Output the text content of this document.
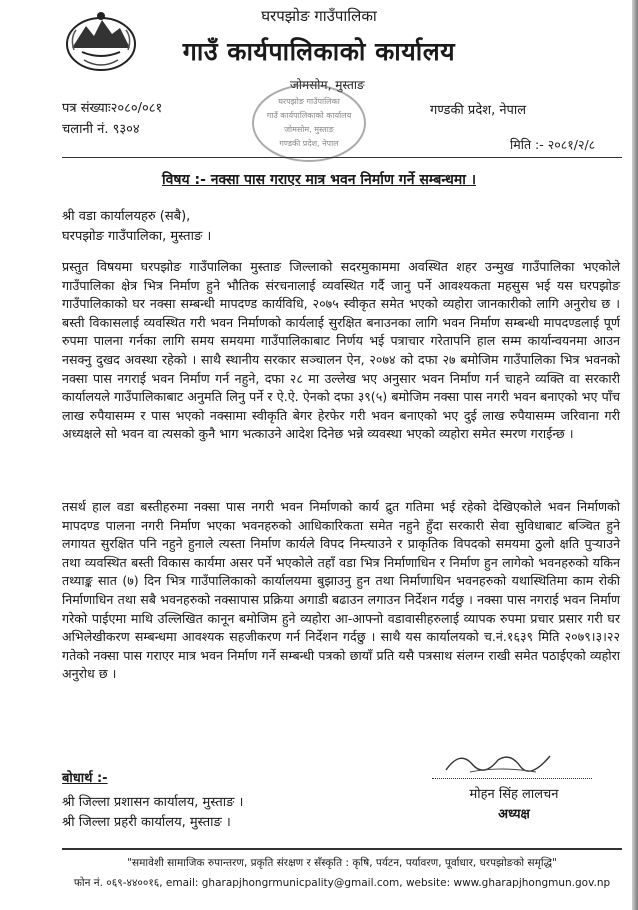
घरपझोङ गाउँपालिका
गाउँ कार्यपालिकाको कार्यालय
जोमसोम, मुस्ताङ
गण्डकी प्रदेश, नेपाल
पत्र संख्याः२०८०/०८१
चलानी नं. ९३०४
घरपझोङ गाउँपालिका
गाउँ कार्यपालिकाको कार्यालय
जोमसोम, मुस्ताङ
गण्डकी प्रदेश, नेपाल	मिति :- २०८१/२/८
विषय :- नक्सा पास गराएर मात्र भवन निर्माण गर्ने सम्बन्धमा ।
श्री वडा कार्यालयहरु (सबै),
घरपझोङ गाउँपालिका, मुस्ताङ ।
प्रस्तुत विषयमा घरपझोङ गाउँपालिका मुस्ताङ जिल्लाको सदरमुकाममा अवस्थित शहर उन्मुख गाउँपालिका भएकोले गाउँपालिका क्षेत्र भित्र निर्माण हुने भौतिक संरचनालाई व्यवस्थित गर्दै जानु पर्ने आवश्यकता महसुस भई यस घरपझोङ गाउँपालिकाको घर नक्सा सम्बन्धी मापदण्ड कार्यविधि, २०७५ स्वीकृत समेत भएको व्यहोरा जानकारीको लागि अनुरोध छ । बस्ती विकासलाई व्यवस्थित गरी भवन निर्माणको कार्यलाई सुरक्षित बनाउनका लागि भवन निर्माण सम्बन्धी मापदण्डलाई पूर्ण रुपमा पालना गर्नका लागि समय समयमा गाउँपालिकाबाट निर्णय भई पत्राचार गरेतापनि हाल सम्म कार्यान्वयनमा आउन नसक्नु दुखद अवस्था रहेको । साथै स्थानीय सरकार सञ्चालन ऐन, २०७४ को दफा २७ बमोजिम गाउँपालिका भित्र भवनको नक्सा पास नगराई भवन निर्माण गर्न नहुने, दफा २८ मा उल्लेख भए अनुसार भवन निर्माण गर्न चाहने व्यक्ति वा सरकारी कार्यालयले गाउँपालिकाबाट अनुमति लिनु पर्ने र ऐ.ऐ. ऐनको दफा ३९(५) बमोजिम नक्सा पास नगरी भवन बनाएको भए पाँच लाख रुपैयासम्म र पास भएको नक्सामा स्वीकृति बेगर हेरफेर गरी भवन बनाएको भए दुई लाख रुपैयासम्म जरिवाना गरी अध्यक्षले सो भवन वा त्यसको कुनै भाग भत्काउने आदेश दिनेछ भन्ने व्यवस्था भएको व्यहोरा समेत स्मरण गराईन्छ ।
तसर्थ हाल वडा बस्तीहरुमा नक्सा पास नगरी भवन निर्माणको कार्य द्रुत गतिमा भई रहेको देखिएकोले भवन निर्माणको मापदण्ड पालना नगरी निर्माण भएका भवनहरुको आधिकारिकता समेत नहुने हुँदा सरकारी सेवा सुविधाबाट बञ्चित हुने लगायत सुरक्षित पनि नहुने हुनाले त्यस्ता निर्माण कार्यले विपद निम्त्याउने र प्राकृतिक विपदको समयमा ठुलो क्षति पुऱ्याउने तथा व्यवस्थित बस्ती विकास कार्यमा असर पर्ने भएकोले तहाँ वडा भित्र निर्माणाधिन र निर्माण हुन लागेको भवनहरुको यकिन तथ्याङ्क सात (७) दिन भित्र गाउँपालिकाको कार्यालयमा बुझाउनु हुन तथा निर्माणाधिन भवनहरुको यथास्थितिमा काम रोकी निर्माणाधिन तथा सबै भवनहरुको नक्सापास प्रक्रिया अगाडी बढाउन लगाउन निर्देशन गर्दछु । नक्सा पास नगराई भवन निर्माण गरेको पाईएमा माथि उल्लिखित कानून बमोजिम हुने व्यहोरा आ-आफ्नो वडावासीहरुलाई व्यापक रुपमा प्रचार प्रसार गरी घर अभिलेखीकरण सम्बन्धमा आवश्यक सहजीकरण गर्न निर्देशन गर्दछु । साथै यस कार्यालयको च.नं.१६३९ मिति २०७९।३।२२ गतेको नक्सा पास गराएर मात्र भवन निर्माण गर्ने सम्बन्धी पत्रको छायाँ प्रति यसै पत्रसाथ संलग्न राखी समेत पठाईएको व्यहोरा अनुरोध छ ।
बोधार्थ :-
श्री जिल्ला प्रशासन कार्यालय, मुस्ताङ ।
श्री जिल्ला प्रहरी कार्यालय, मुस्ताङ ।
मोहन सिंह लालचन
अध्यक्ष
"समावेशी सामाजिक रुपान्तरण, प्रकृति संरक्षण र सँस्कृति : कृषि, पर्यटन, पर्यावरण, पूर्वाधार, घरपझोङको समृद्धि"
फोन नं. ०६९-४४००१६, email: gharapjhongrmunicpality@gmail.com, website: www.gharapjhongmun.gov.np
